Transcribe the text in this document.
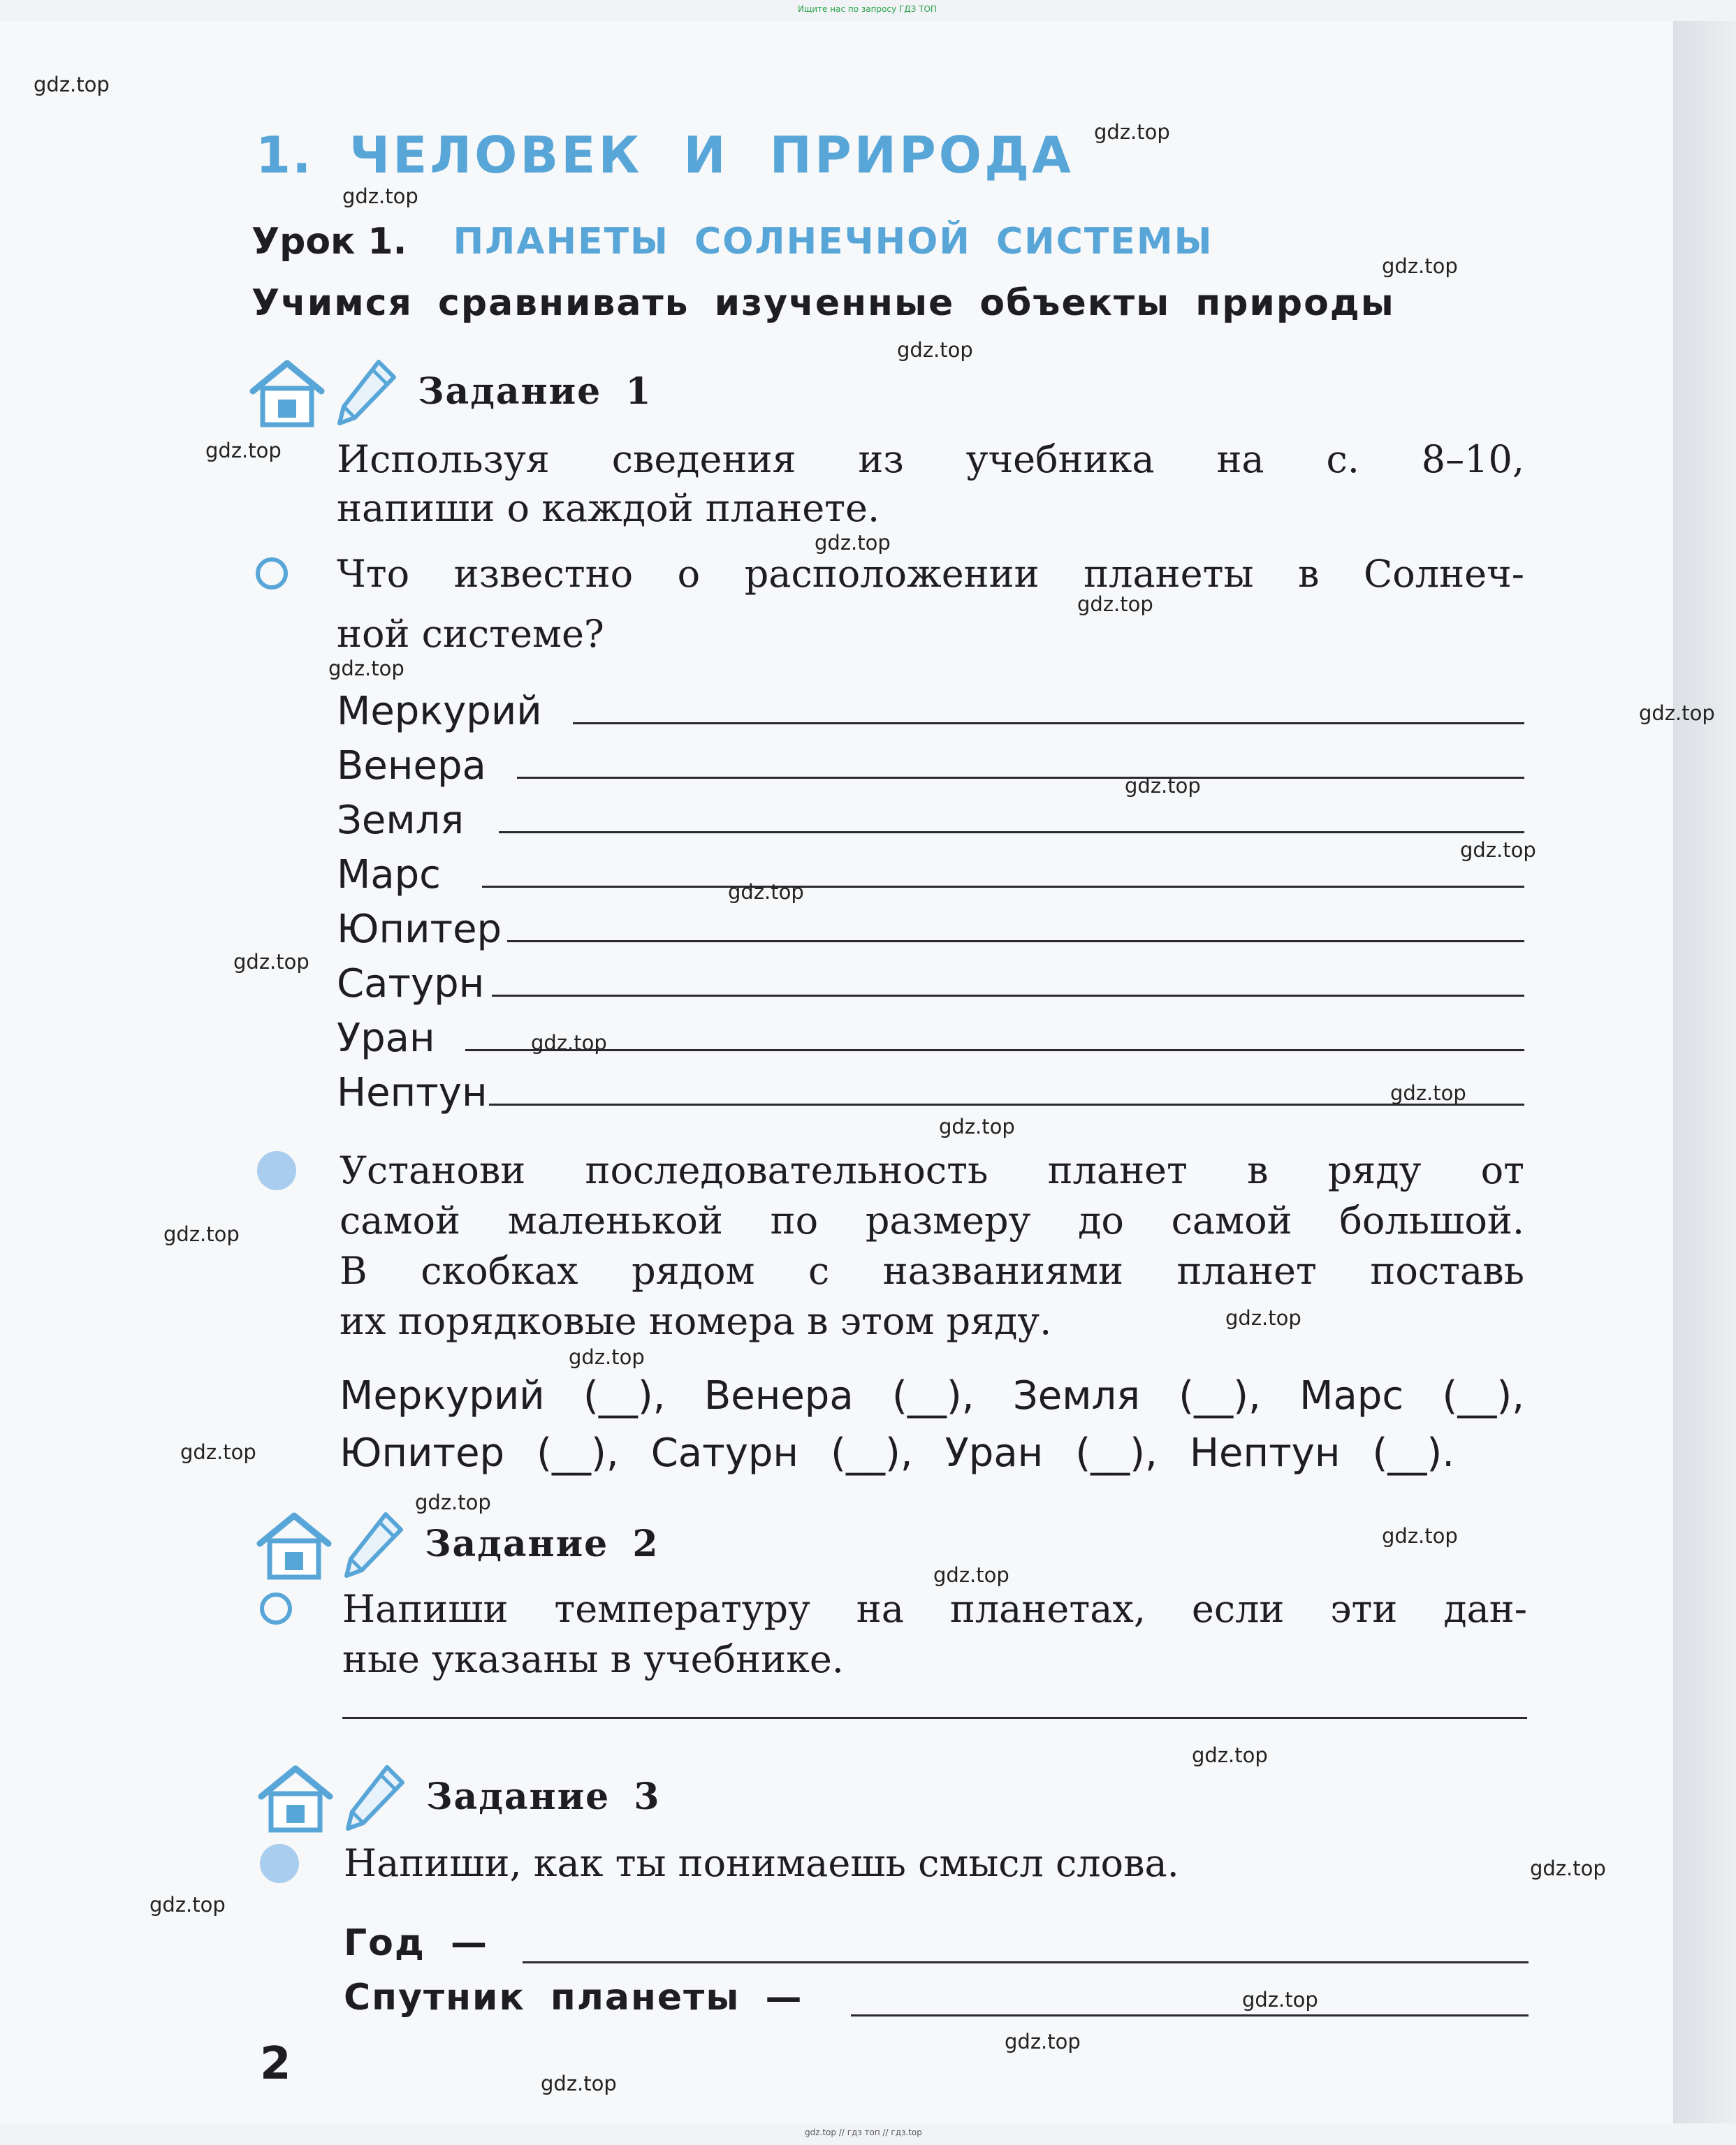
Ищите нас по запросу ГДЗ ТОП
1. ЧЕЛОВЕК И ПРИРОДА
Урок 1. ПЛАНЕТЫ СОЛНЕЧНОЙ СИСТЕМЫ
Учимся сравнивать изученные объекты природы
Задание 1
Используя сведения из учебника на с. 8–10,
напиши о каждой планете.
Что известно о расположении планеты в Солнеч-
ной системе?
Меркурий
Венера
Земля
Марс
Юпитер
Сатурн
Уран
Нептун
Установи последовательность планет в ряду от
самой маленькой по размеру до самой большой.
В скобках рядом с названиями планет поставь
их порядковые номера в этом ряду.
Меркурий (__), Венера (__), Земля (__), Марс (__),
Юпитер (__), Сатурн (__), Уран (__), Нептун (__).
Задание 2
Напиши температуру на планетах, если эти дан-
ные указаны в учебнике.
Задание 3
Напиши, как ты понимаешь смысл слова.
Год —
Спутник планеты —
2
gdz.top
gdz.top
gdz.top
gdz.top
gdz.top
gdz.top
gdz.top
gdz.top
gdz.top
gdz.top
gdz.top
gdz.top
gdz.top
gdz.top
gdz.top
gdz.top
gdz.top
gdz.top
gdz.top
gdz.top
gdz.top
gdz.top
gdz.top
gdz.top
gdz.top
gdz.top
gdz.top
gdz.top
gdz.top
gdz.top
gdz.top // гдз топ // гдз.top
